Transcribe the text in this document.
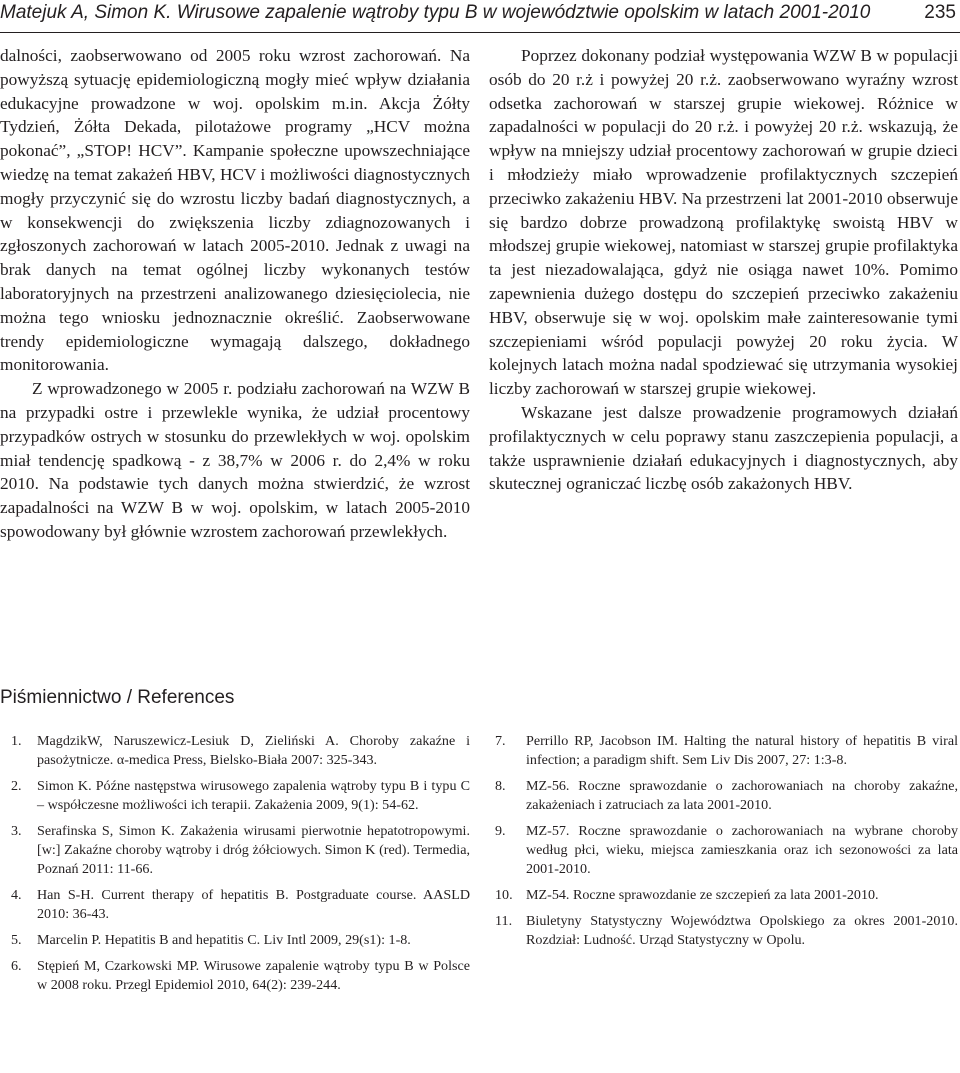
Matejuk A, Simon K. Wirusowe zapalenie wątroby typu B w województwie opolskim w latach 2001-2010	235

dalności, zaobserwowano od 2005 roku wzrost zachorowań. Na powyższą sytuację epidemiologiczną mogły mieć wpływ działania edukacyjne prowadzone w woj. opolskim m.in. Akcja Żółty Tydzień, Żółta Dekada, pilotażowe programy „HCV można pokonać”, „STOP! HCV”. Kampanie społeczne upowszechniające wiedzę na temat zakażeń HBV, HCV i możliwości diagnostycznych mogły przyczynić się do wzrostu liczby badań diagnostycznych, a w konsekwencji do zwiększenia liczby zdiagnozowanych i zgłoszonych zachorowań w latach 2005-2010. Jednak z uwagi na brak danych na temat ogólnej liczby wykonanych testów laboratoryjnych na przestrzeni analizowanego dziesięciolecia, nie można tego wniosku jednoznacznie określić. Zaobserwowane trendy epidemiologiczne wymagają dalszego, dokładnego monitorowania.

Z wprowadzonego w 2005 r. podziału zachorowań na WZW B na przypadki ostre i przewlekle wynika, że udział procentowy przypadków ostrych w stosunku do przewlekłych w woj. opolskim miał tendencję spadkową - z 38,7% w 2006 r. do 2,4% w roku 2010. Na podstawie tych danych można stwierdzić, że wzrost zapadalności na WZW B w woj. opolskim, w latach 2005-2010 spowodowany był głównie wzrostem zachorowań przewlekłych.

Poprzez dokonany podział występowania WZW B w populacji osób do 20 r.ż i powyżej 20 r.ż. zaobserwowano wyraźny wzrost odsetka zachorowań w starszej grupie wiekowej. Różnice w zapadalności w populacji do 20 r.ż. i powyżej 20 r.ż. wskazują, że wpływ na mniejszy udział procentowy zachorowań w grupie dzieci i młodzieży miało wprowadzenie profilaktycznych szczepień przeciwko zakażeniu HBV. Na przestrzeni lat 2001-2010 obserwuje się bardzo dobrze prowadzoną profilaktykę swoistą HBV w młodszej grupie wiekowej, natomiast w starszej grupie profilaktyka ta jest niezadowalająca, gdyż nie osiąga nawet 10%. Pomimo zapewnienia dużego dostępu do szczepień przeciwko zakażeniu HBV, obserwuje się w woj. opolskim małe zainteresowanie tymi szczepieniami wśród populacji powyżej 20 roku życia. W kolejnych latach można nadal spodziewać się utrzymania wysokiej liczby zachorowań w starszej grupie wiekowej.

Wskazane jest dalsze prowadzenie programowych działań profilaktycznych w celu poprawy stanu zaszczepienia populacji, a także usprawnienie działań edukacyjnych i diagnostycznych, aby skutecznej ograniczać liczbę osób zakażonych HBV.

Piśmiennictwo / References
1. MagdzikW, Naruszewicz-Lesiuk D, Zieliński A. Choroby zakaźne i pasożytnicze. α-medica Press, Bielsko-Biała 2007: 325-343.
2. Simon K. Późne następstwa wirusowego zapalenia wątroby typu B i typu C – współczesne możliwości ich terapii. Zakażenia 2009, 9(1): 54-62.
3. Serafinska S, Simon K. Zakażenia wirusami pierwotnie hepatotropowymi. [w:] Zakaźne choroby wątroby i dróg żółciowych. Simon K (red). Termedia, Poznań 2011: 11-66.
4. Han S-H. Current therapy of hepatitis B. Postgraduate course. AASLD 2010: 36-43.
5. Marcelin P. Hepatitis B and hepatitis C. Liv Intl 2009, 29(s1): 1-8.
6. Stępień M, Czarkowski MP. Wirusowe zapalenie wątroby typu B w Polsce w 2008 roku. Przegl Epidemiol 2010, 64(2): 239-244.
7. Perrillo RP, Jacobson IM. Halting the natural history of hepatitis B viral infection; a paradigm shift. Sem Liv Dis 2007, 27: 1:3-8.
8. MZ-56. Roczne sprawozdanie o zachorowaniach na choroby zakaźne, zakażeniach i zatruciach za lata 2001-2010.
9. MZ-57. Roczne sprawozdanie o zachorowaniach na wybrane choroby według płci, wieku, miejsca zamieszkania oraz ich sezonowości za lata 2001-2010.
10. MZ-54. Roczne sprawozdanie ze szczepień za lata 2001-2010.
11. Biuletyny Statystyczny Województwa Opolskiego za okres 2001-2010. Rozdział: Ludność. Urząd Statystyczny w Opolu.
